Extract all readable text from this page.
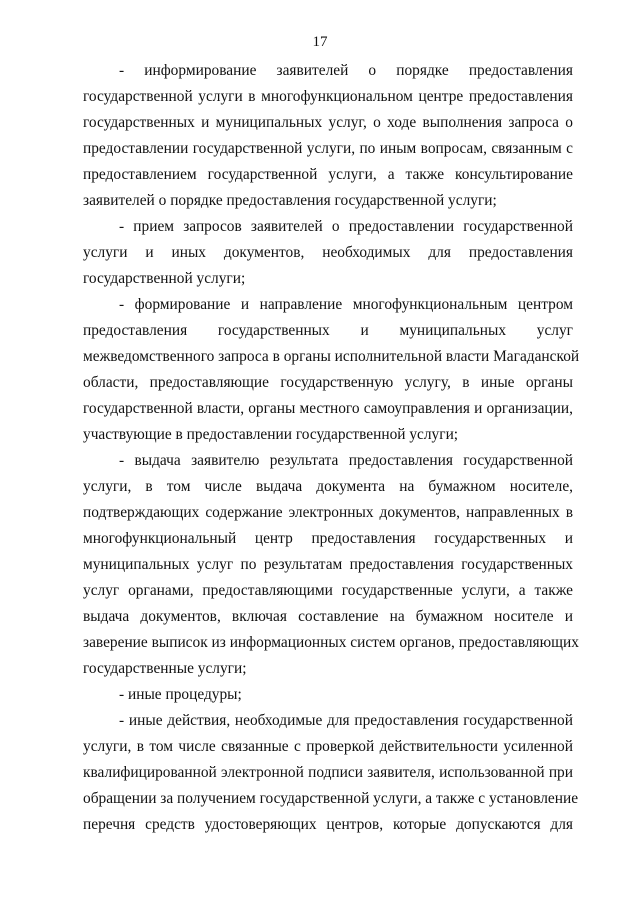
17
- информирование заявителей о порядке предоставления
государственной услуги в многофункциональном центре предоставления
государственных и муниципальных услуг, о ходе выполнения запроса о
предоставлении государственной услуги, по иным вопросам, связанным с
предоставлением государственной услуги, а также консультирование
заявителей о порядке предоставления государственной услуги;
- прием запросов заявителей о предоставлении государственной
услуги и иных документов, необходимых для предоставления
государственной услуги;
- формирование и направление многофункциональным центром
предоставления государственных и муниципальных услуг
межведомственного запроса в органы исполнительной власти Магаданской
области, предоставляющие государственную услугу, в иные органы
государственной власти, органы местного самоуправления и организации,
участвующие в предоставлении государственной услуги;
- выдача заявителю результата предоставления государственной
услуги, в том числе выдача документа на бумажном носителе,
подтверждающих содержание электронных документов, направленных в
многофункциональный центр предоставления государственных и
муниципальных услуг по результатам предоставления государственных
услуг органами, предоставляющими государственные услуги, а также
выдача документов, включая составление на бумажном носителе и
заверение выписок из информационных систем органов, предоставляющих
государственные услуги;
- иные процедуры;
- иные действия, необходимые для предоставления государственной
услуги, в том числе связанные с проверкой действительности усиленной
квалифицированной электронной подписи заявителя, использованной при
обращении за получением государственной услуги, а также с установление
перечня средств удостоверяющих центров, которые допускаются для
